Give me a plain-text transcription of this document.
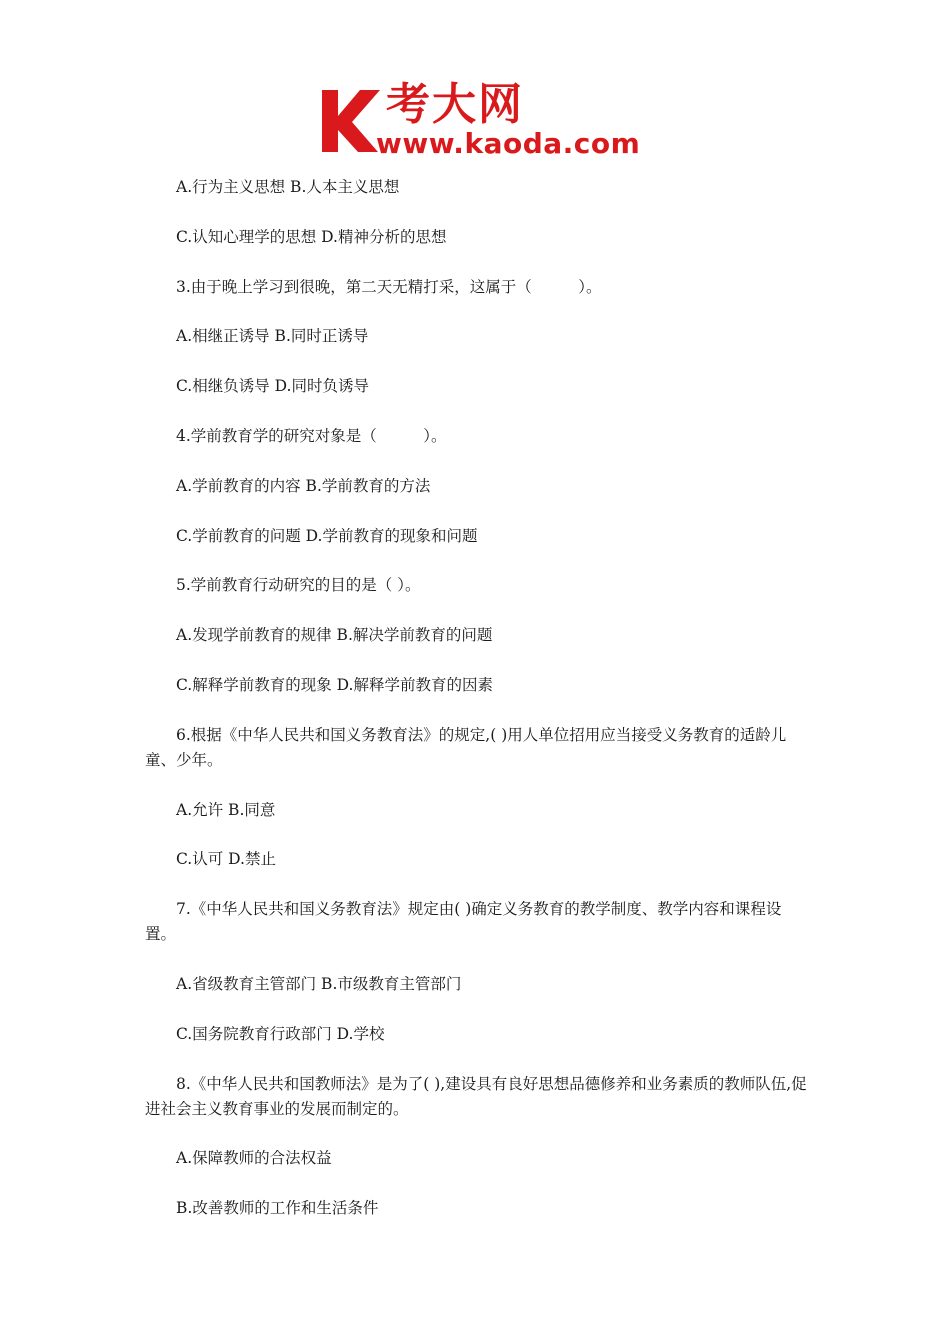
考大网
www.kaoda.com

A.行为主义思想 B.人本主义思想

C.认知心理学的思想 D.精神分析的思想

3.由于晚上学习到很晚，第二天无精打采，这属于（　　　）。

A.相继正诱导 B.同时正诱导

C.相继负诱导 D.同时负诱导

4.学前教育学的研究对象是（　　　）。

A.学前教育的内容 B.学前教育的方法

C.学前教育的问题 D.学前教育的现象和问题

5.学前教育行动研究的目的是（ ）。

A.发现学前教育的规律 B.解决学前教育的问题

C.解释学前教育的现象 D.解释学前教育的因素

6.根据《中华人民共和国义务教育法》的规定,( )用人单位招用应当接受义务教育的适龄儿童、少年。

A.允许 B.同意

C.认可 D.禁止

7.《中华人民共和国义务教育法》规定由( )确定义务教育的教学制度、教学内容和课程设置。

A.省级教育主管部门 B.市级教育主管部门

C.国务院教育行政部门 D.学校

8.《中华人民共和国教师法》是为了( ),建设具有良好思想品德修养和业务素质的教师队伍,促进社会主义教育事业的发展而制定的。

A.保障教师的合法权益

B.改善教师的工作和生活条件
